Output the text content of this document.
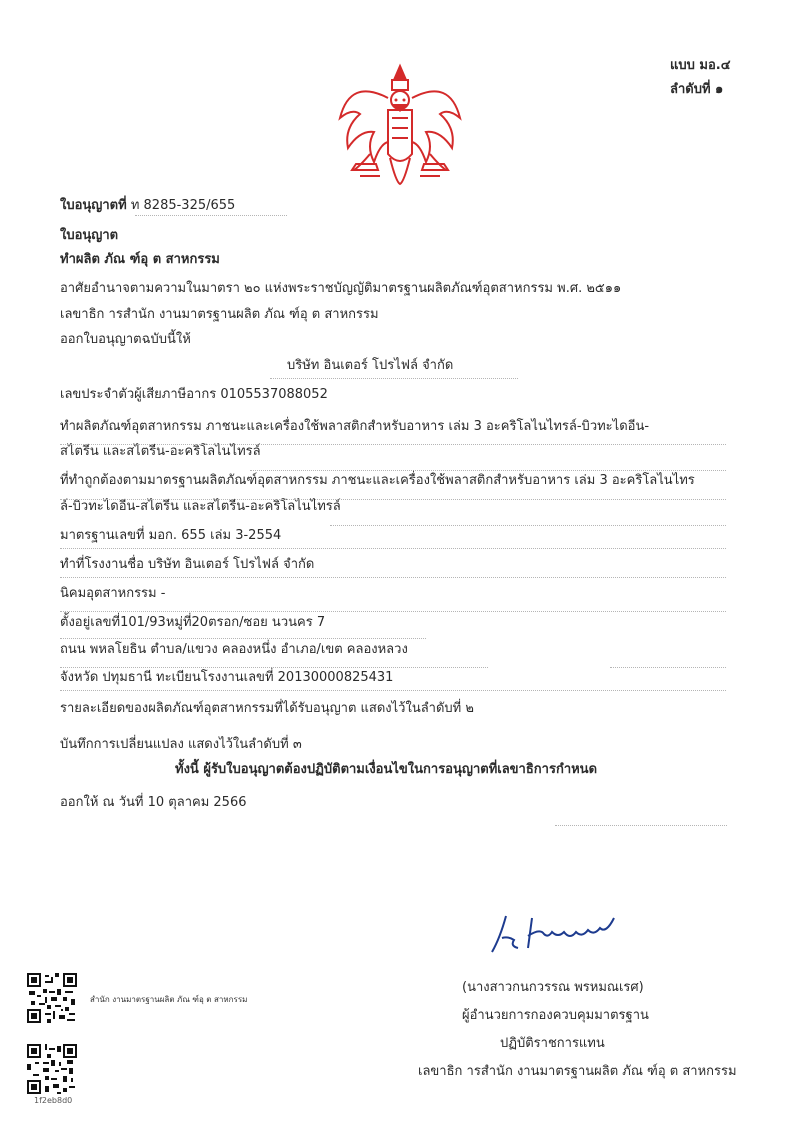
แบบ มอ.๔
ลำดับที่ ๑
ใบอนุญาตที่ ท 8285-325/655
ใบอนุญาต
ทำผลิต ภัณ ฑ์อุ ต สาหกรรม
อาศัยอำนาจตามความในมาตรา ๒๐ แห่งพระราชบัญญัติมาตรฐานผลิตภัณฑ์อุตสาหกรรม พ.ศ. ๒๕๑๑
เลขาธิก ารสำนัก งานมาตรฐานผลิต ภัณ ฑ์อุ ต สาหกรรม
ออกใบอนุญาตฉบับนี้ให้
บริษัท อินเตอร์ โปรไฟล์ จำกัด
เลขประจำตัวผู้เสียภาษีอากร 0105537088052
ทำผลิตภัณฑ์อุตสาหกรรม ภาชนะและเครื่องใช้พลาสติกสำหรับอาหาร เล่ม 3 อะคริโลไนไทรล์-บิวทะไดอีน-
สไตรีน และสไตรีน-อะคริโลไนไทรล์
ที่ทำถูกต้องตามมาตรฐานผลิตภัณฑ์อุตสาหกรรม ภาชนะและเครื่องใช้พลาสติกสำหรับอาหาร เล่ม 3 อะคริโลไนไทร
ล์-บิวทะไดอีน-สไตรีน และสไตรีน-อะคริโลไนไทรล์
มาตรฐานเลขที่ มอก. 655 เล่ม 3-2554
ทำที่โรงงานชื่อ บริษัท อินเตอร์ โปรไฟล์ จำกัด
นิคมอุตสาหกรรม -
ตั้งอยู่เลขที่101/93หมู่ที่20ตรอก/ซอย นวนคร 7
ถนน พหลโยธิน ตำบล/แขวง คลองหนึ่ง อำเภอ/เขต คลองหลวง
จังหวัด ปทุมธานี ทะเบียนโรงงานเลขที่ 20130000825431
รายละเอียดของผลิตภัณฑ์อุตสาหกรรมที่ได้รับอนุญาต แสดงไว้ในลำดับที่ ๒
บันทึกการเปลี่ยนแปลง แสดงไว้ในลำดับที่ ๓
ทั้งนี้ ผู้รับใบอนุญาตต้องปฏิบัติตามเงื่อนไขในการอนุญาตที่เลขาธิการกำหนด
ออกให้ ณ วันที่ 10 ตุลาคม 2566
(นางสาวกนกวรรณ พรหมณเรศ)
ผู้อำนวยการกองควบคุมมาตรฐาน
ปฏิบัติราชการแทน
เลขาธิก ารสำนัก งานมาตรฐานผลิต ภัณ ฑ์อุ ต สาหกรรม
สำนัก งานมาตรฐานผลิต ภัณ ฑ์อุ ต สาหกรรม
1f2eb8d0
